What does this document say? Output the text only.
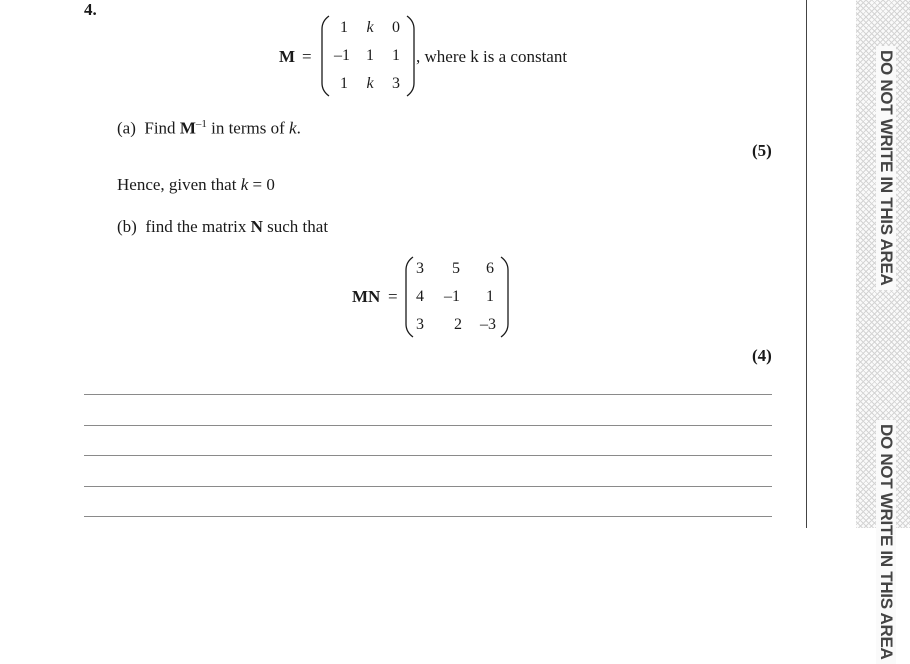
4.
M =
1	k	0
–1	1	1
1	k	3
, where k is a constant
(a) Find $M^{-1}$ in terms of k.
(5)
Hence, given that k = 0
(b) find the matrix N such that
MN =
3	5	6
4	–1	1
3	2	–3
(4)
DO NOT WRITE IN THIS AREA
DO NOT WRITE IN THIS AREA
